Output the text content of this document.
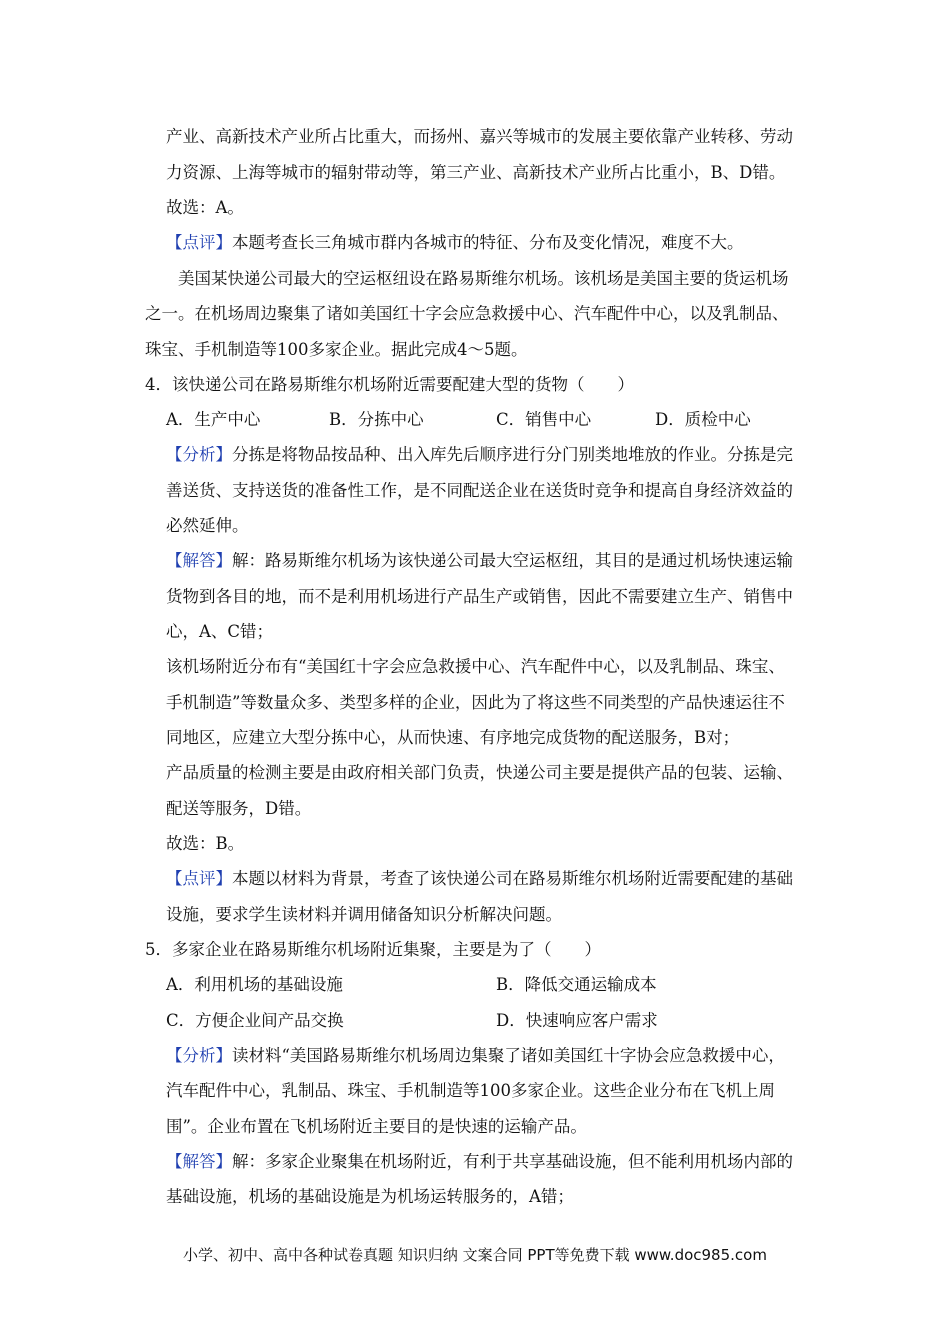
产业、高新技术产业所占比重大，而扬州、嘉兴等城市的发展主要依靠产业转移、劳动
力资源、上海等城市的辐射带动等，第三产业、高新技术产业所占比重小，B、D错。
故选：A。
【点评】本题考查长三角城市群内各城市的特征、分布及变化情况，难度不大。
美国某快递公司最大的空运枢纽设在路易斯维尔机场。该机场是美国主要的货运机场
之一。在机场周边聚集了诸如美国红十字会应急救援中心、汽车配件中心，以及乳制品、
珠宝、手机制造等100多家企业。据此完成4～5题。
4．该快递公司在路易斯维尔机场附近需要配建大型的货物（　　）
A．生产中心	B．分拣中心	C．销售中心	D．质检中心
【分析】分拣是将物品按品种、出入库先后顺序进行分门别类地堆放的作业。分拣是完
善送货、支持送货的准备性工作，是不同配送企业在送货时竞争和提高自身经济效益的
必然延伸。
【解答】解：路易斯维尔机场为该快递公司最大空运枢纽，其目的是通过机场快速运输
货物到各目的地，而不是利用机场进行产品生产或销售，因此不需要建立生产、销售中
心，A、C错；
该机场附近分布有“美国红十字会应急救援中心、汽车配件中心，以及乳制品、珠宝、
手机制造”等数量众多、类型多样的企业，因此为了将这些不同类型的产品快速运往不
同地区，应建立大型分拣中心，从而快速、有序地完成货物的配送服务，B对；
产品质量的检测主要是由政府相关部门负责，快递公司主要是提供产品的包装、运输、
配送等服务，D错。
故选：B。
【点评】本题以材料为背景，考查了该快递公司在路易斯维尔机场附近需要配建的基础
设施，要求学生读材料并调用储备知识分析解决问题。
5．多家企业在路易斯维尔机场附近集聚，主要是为了（　　）
A．利用机场的基础设施	B．降低交通运输成本
C．方便企业间产品交换	D．快速响应客户需求
【分析】读材料“美国路易斯维尔机场周边集聚了诸如美国红十字协会应急救援中心，
汽车配件中心，乳制品、珠宝、手机制造等100多家企业。这些企业分布在飞机上周
围”。企业布置在飞机场附近主要目的是快速的运输产品。
【解答】解：多家企业聚集在机场附近，有利于共享基础设施，但不能利用机场内部的
基础设施，机场的基础设施是为机场运转服务的，A错；
小学、初中、高中各种试卷真题 知识归纳 文案合同 PPT等免费下载 www.doc985.com
